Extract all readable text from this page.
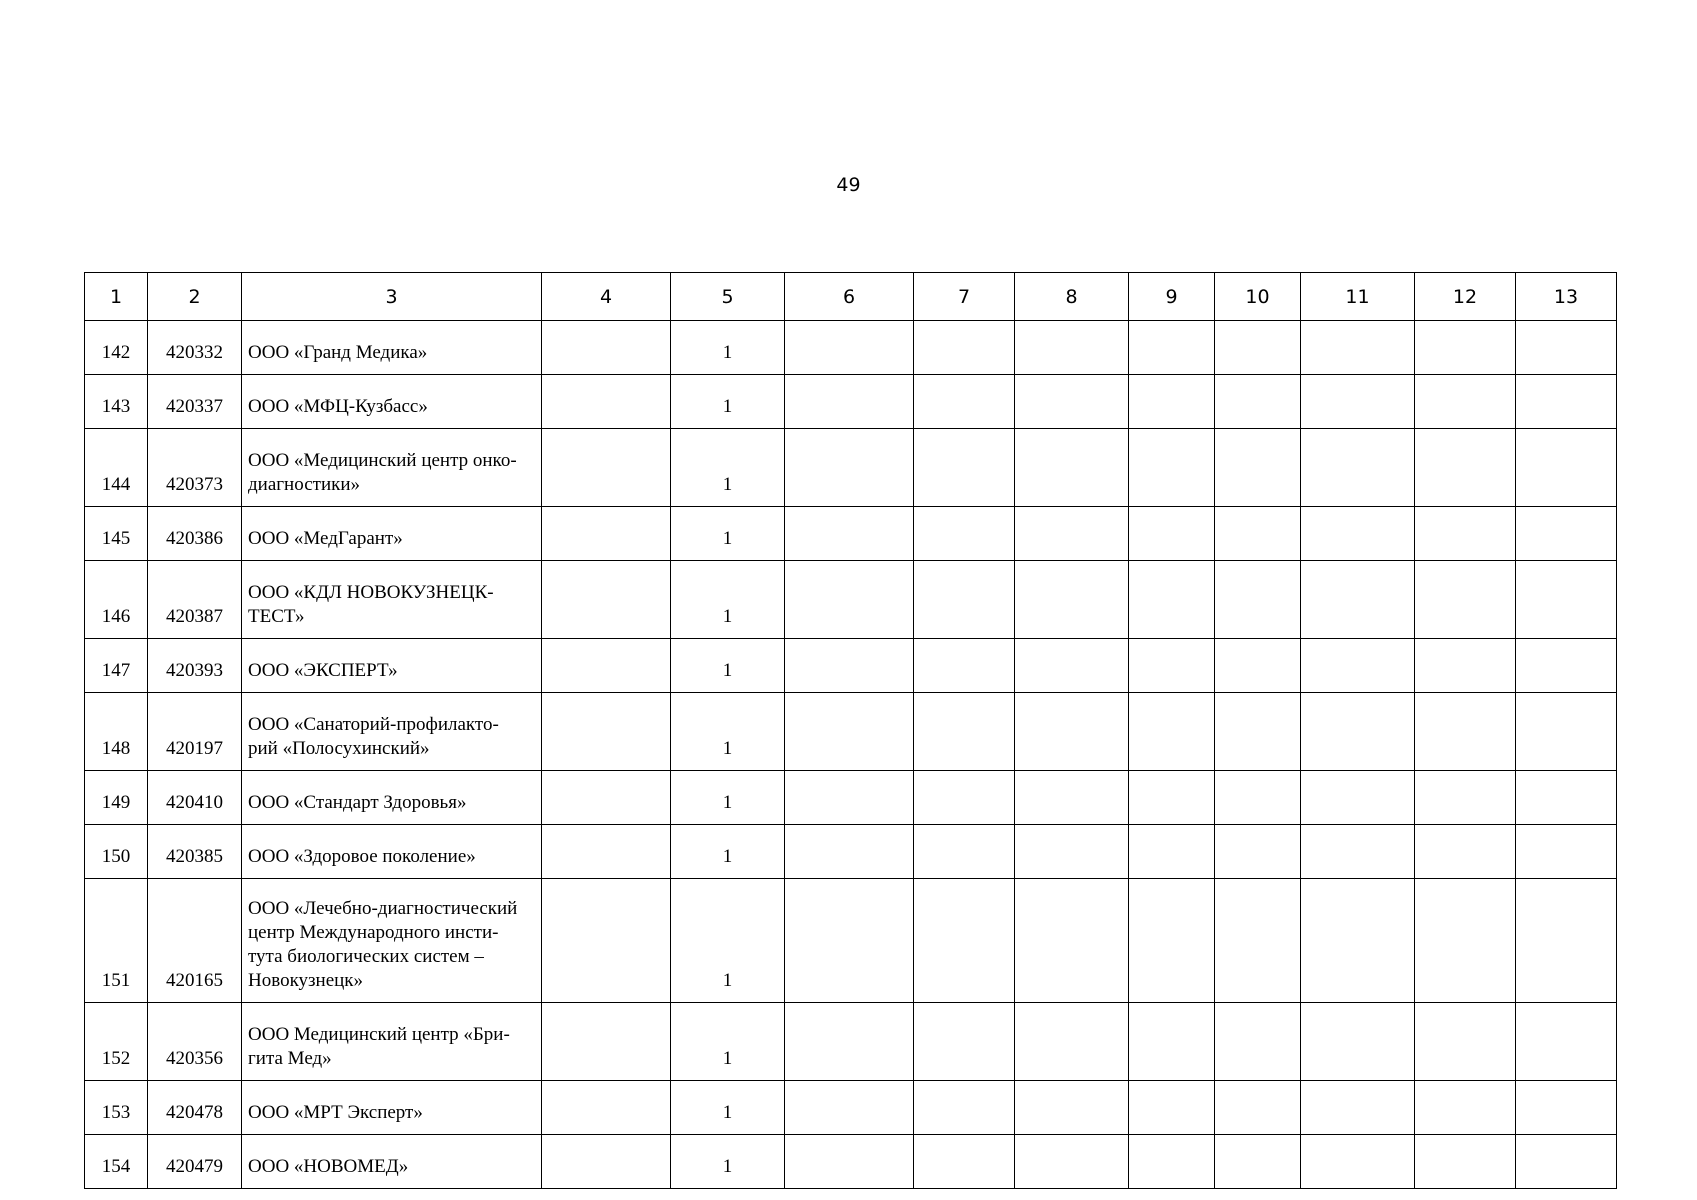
49
1	2	3	4	5	6	7	8	9	10	11	12	13
142	420332	ООО «Гранд Медика»		1								
143	420337	ООО «МФЦ-Кузбасс»		1								
144	420373	ООО «Медицинский центр онко-
диагностики»		1								
145	420386	ООО «МедГарант»		1								
146	420387	ООО «КДЛ НОВОКУЗНЕЦК-
ТЕСТ»		1								
147	420393	ООО «ЭКСПЕРТ»		1								
148	420197	ООО «Санаторий-профилакто-
рий «Полосухинский»		1								
149	420410	ООО «Стандарт Здоровья»		1								
150	420385	ООО «Здоровое поколение»		1								
151	420165	ООО «Лечебно-диагностический
центр Международного инсти-
тута биологических систем –
Новокузнецк»		1								
152	420356	ООО Медицинский центр «Бри-
гита Мед»		1								
153	420478	ООО «МРТ Эксперт»		1								
154	420479	ООО «НОВОМЕД»		1								
